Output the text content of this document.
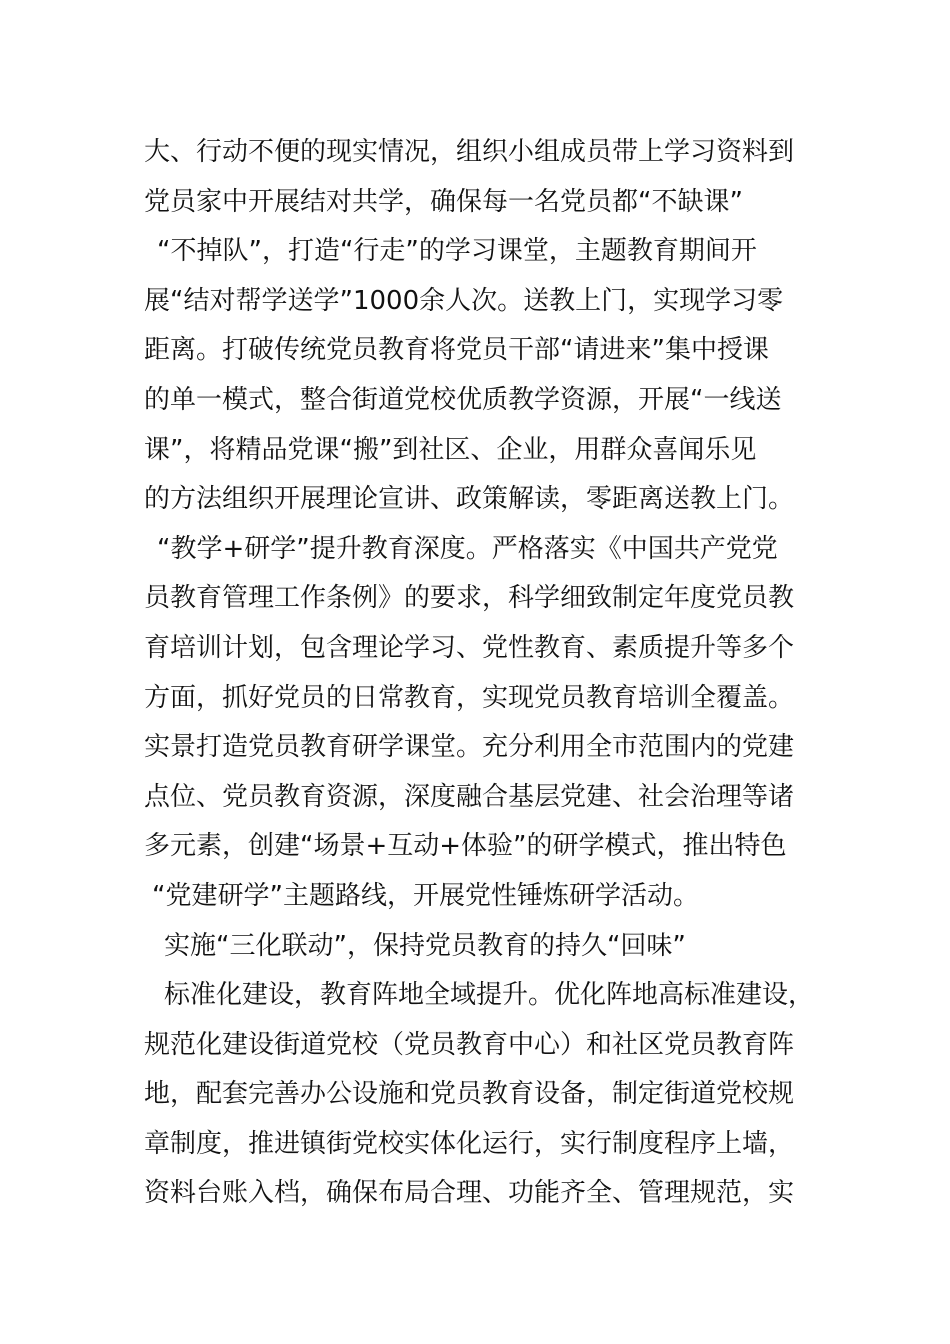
大、行动不便的现实情况，组织小组成员带上学习资料到
党员家中开展结对共学，确保每一名党员都“不缺课”
“不掉队”，打造“行走”的学习课堂，主题教育期间开
展“结对帮学送学”1000余人次。送教上门，实现学习零
距离。打破传统党员教育将党员干部“请进来”集中授课
的单一模式，整合街道党校优质教学资源，开展“一线送
课”，将精品党课“搬”到社区、企业，用群众喜闻乐见
的方法组织开展理论宣讲、政策解读，零距离送教上门。
“教学+研学”提升教育深度。严格落实《中国共产党党
员教育管理工作条例》的要求，科学细致制定年度党员教
育培训计划，包含理论学习、党性教育、素质提升等多个
方面，抓好党员的日常教育，实现党员教育培训全覆盖。
实景打造党员教育研学课堂。充分利用全市范围内的党建
点位、党员教育资源，深度融合基层党建、社会治理等诸
多元素，创建“场景+互动+体验”的研学模式，推出特色
“党建研学”主题路线，开展党性锤炼研学活动。
实施“三化联动”，保持党员教育的持久“回味”
标准化建设，教育阵地全域提升。优化阵地高标准建设，
规范化建设街道党校（党员教育中心）和社区党员教育阵
地，配套完善办公设施和党员教育设备，制定街道党校规
章制度，推进镇街党校实体化运行，实行制度程序上墙，
资料台账入档，确保布局合理、功能齐全、管理规范，实
